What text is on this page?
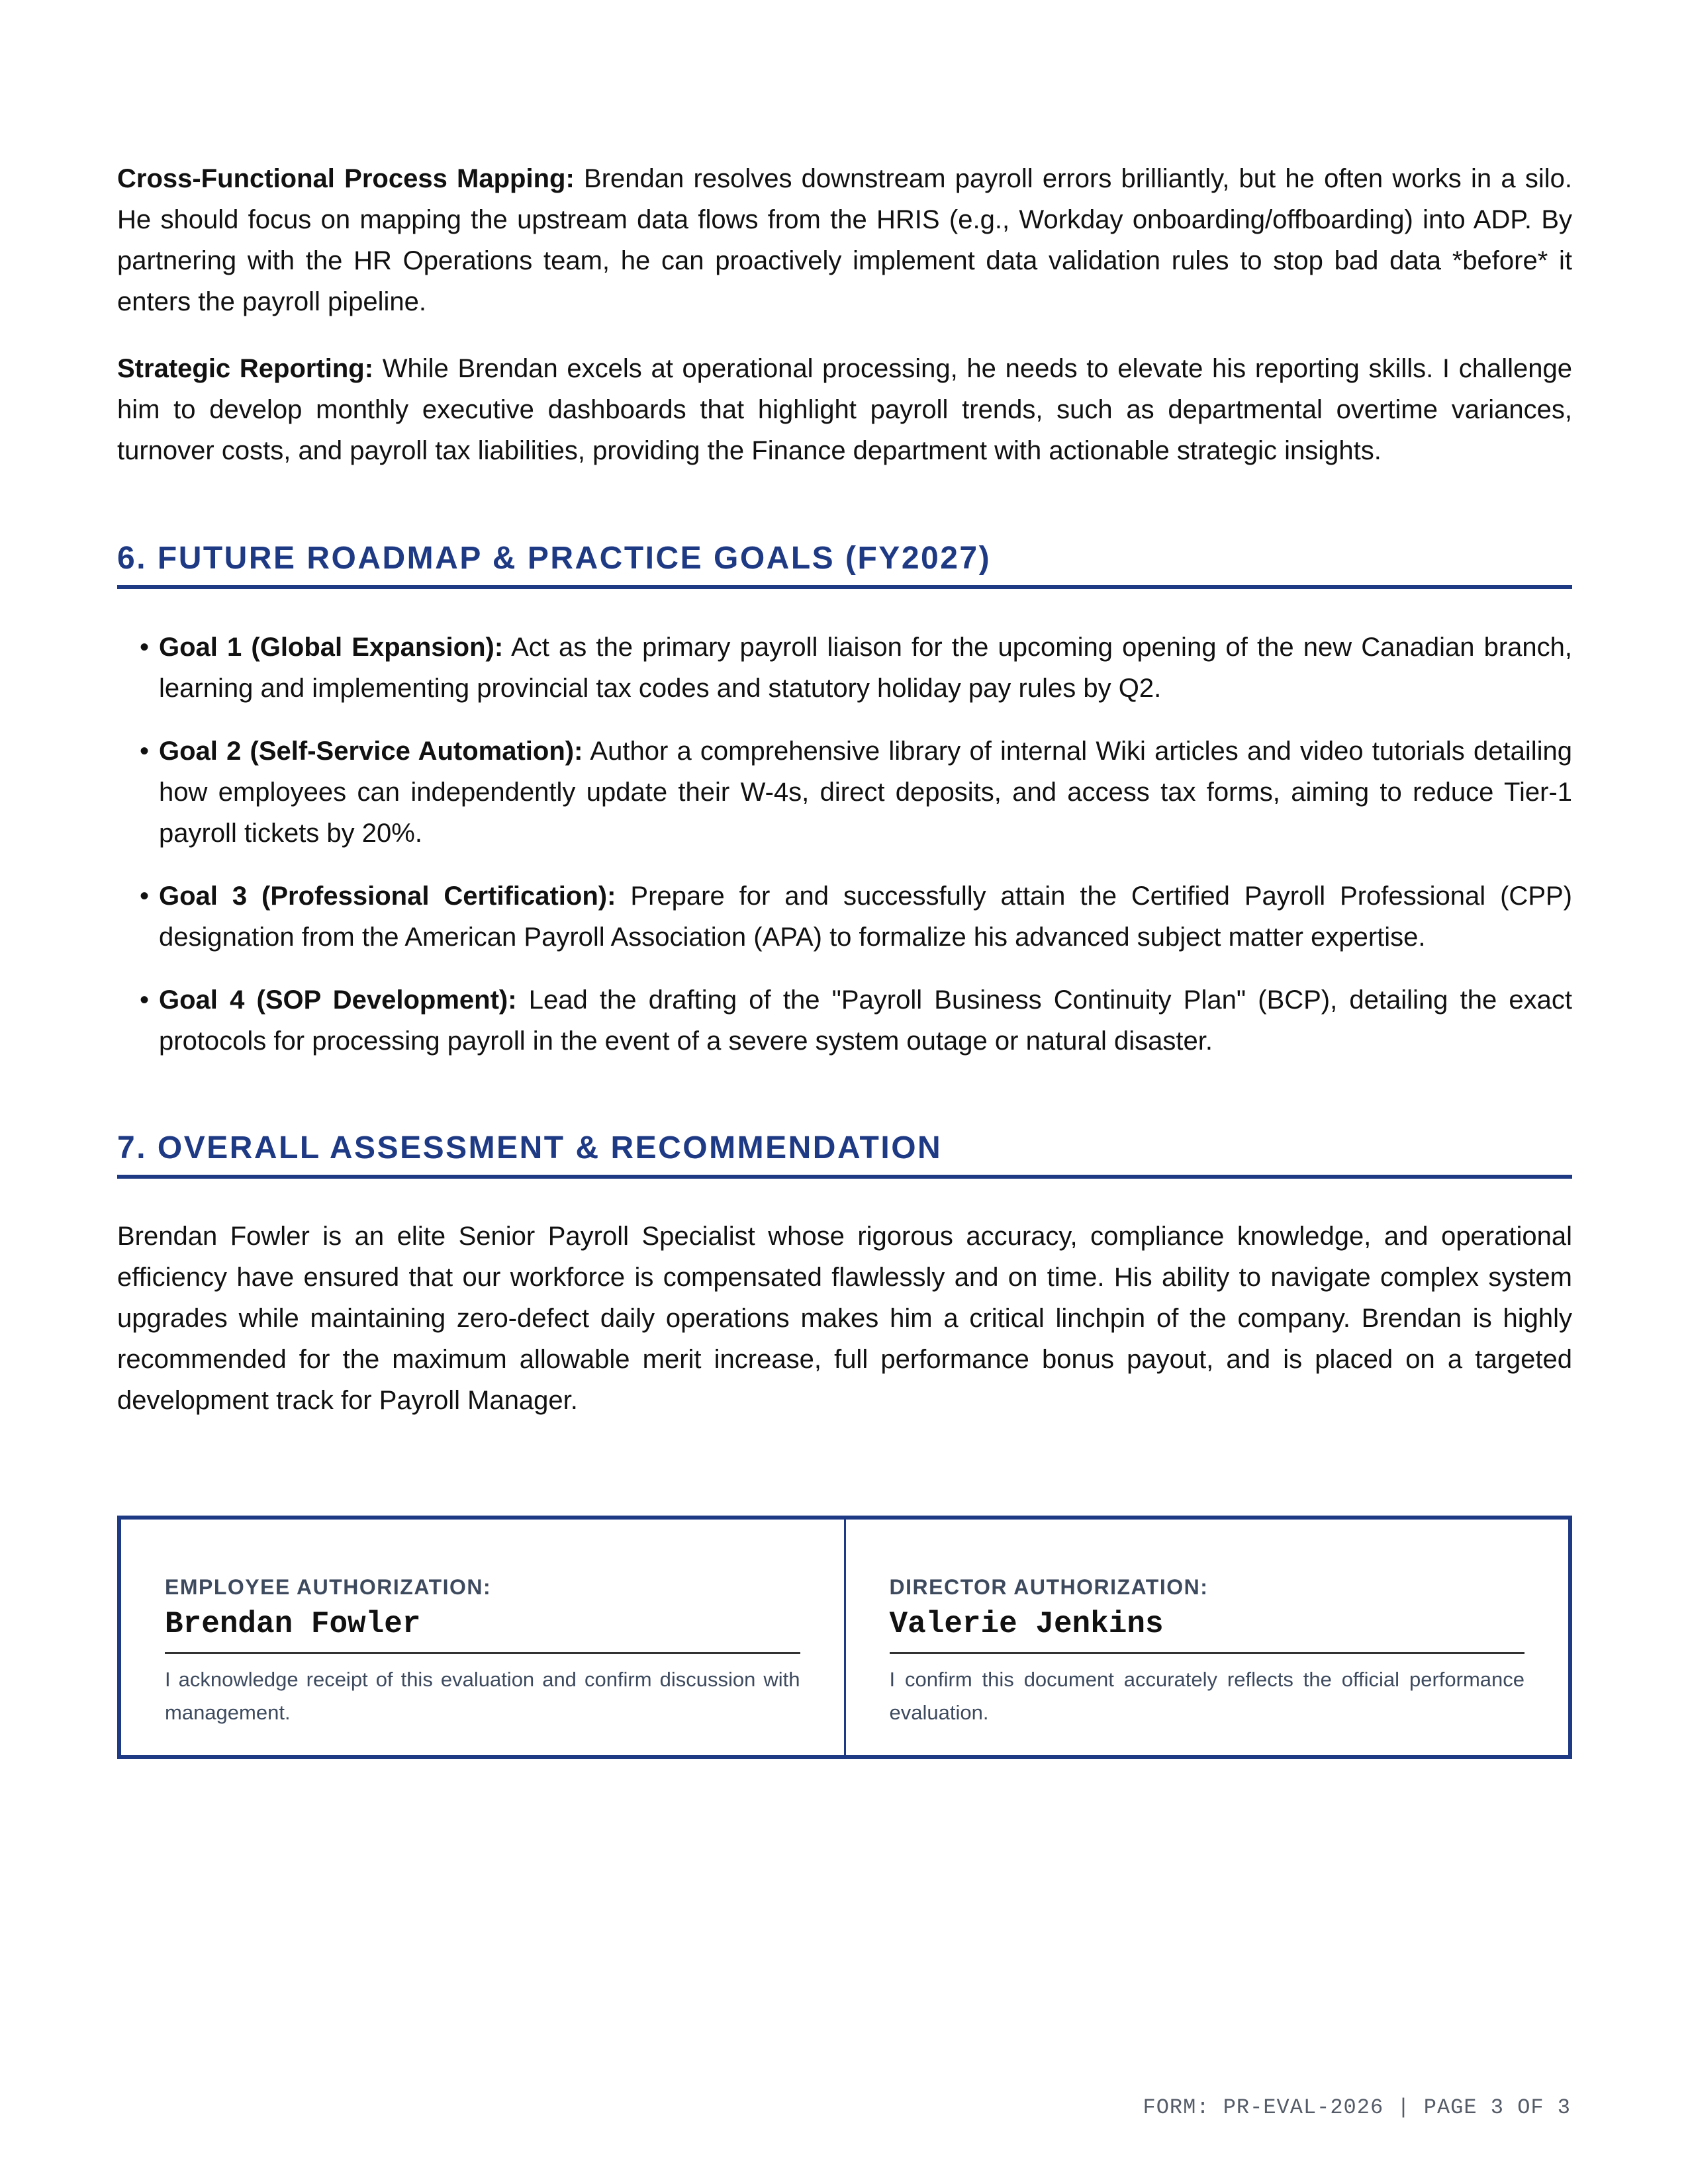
Cross-Functional Process Mapping: Brendan resolves downstream payroll errors brilliantly, but he often works in a silo. He should focus on mapping the upstream data flows from the HRIS (e.g., Workday onboarding/offboarding) into ADP. By partnering with the HR Operations team, he can proactively implement data validation rules to stop bad data *before* it enters the payroll pipeline.

Strategic Reporting: While Brendan excels at operational processing, he needs to elevate his reporting skills. I challenge him to develop monthly executive dashboards that highlight payroll trends, such as departmental overtime variances, turnover costs, and payroll tax liabilities, providing the Finance department with actionable strategic insights.

6. FUTURE ROADMAP & PRACTICE GOALS (FY2027)
• Goal 1 (Global Expansion): Act as the primary payroll liaison for the upcoming opening of the new Canadian branch, learning and implementing provincial tax codes and statutory holiday pay rules by Q2.
• Goal 2 (Self-Service Automation): Author a comprehensive library of internal Wiki articles and video tutorials detailing how employees can independently update their W-4s, direct deposits, and access tax forms, aiming to reduce Tier-1 payroll tickets by 20%.
• Goal 3 (Professional Certification): Prepare for and successfully attain the Certified Payroll Professional (CPP) designation from the American Payroll Association (APA) to formalize his advanced subject matter expertise.
• Goal 4 (SOP Development): Lead the drafting of the "Payroll Business Continuity Plan" (BCP), detailing the exact protocols for processing payroll in the event of a severe system outage or natural disaster.
7. OVERALL ASSESSMENT & RECOMMENDATION

Brendan Fowler is an elite Senior Payroll Specialist whose rigorous accuracy, compliance knowledge, and operational efficiency have ensured that our workforce is compensated flawlessly and on time. His ability to navigate complex system upgrades while maintaining zero-defect daily operations makes him a critical linchpin of the company. Brendan is highly recommended for the maximum allowable merit increase, full performance bonus payout, and is placed on a targeted development track for Payroll Manager.

EMPLOYEE AUTHORIZATION:
Brendan Fowler
I acknowledge receipt of this evaluation and confirm discussion with management.
DIRECTOR AUTHORIZATION:
Valerie Jenkins
I confirm this document accurately reflects the official performance evaluation.
FORM: PR-EVAL-2026 | PAGE 3 OF 3
